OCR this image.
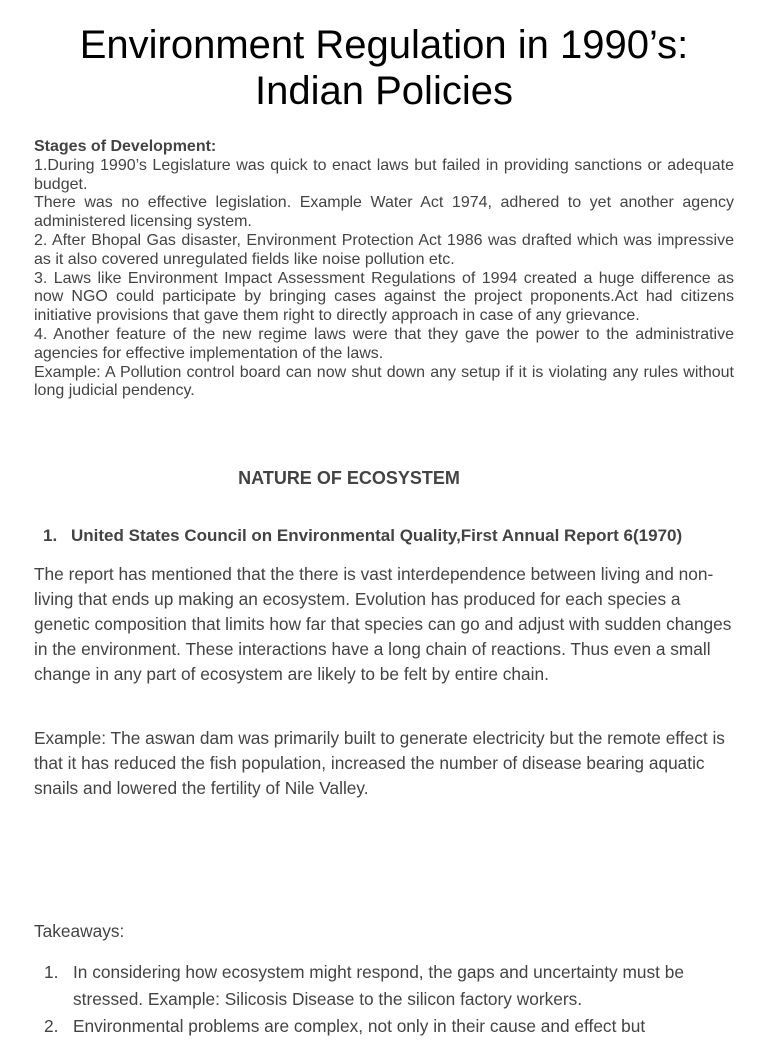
Environment Regulation in 1990’s:
Indian Policies

Stages of Development:

1.During 1990’s Legislature was quick to enact laws but failed in providing sanctions or adequate budget.

There was no effective legislation. Example Water Act 1974, adhered to yet another agency administered licensing system.

2. After Bhopal Gas disaster, Environment Protection Act 1986 was drafted which was impressive as it also covered unregulated fields like noise pollution etc.

3. Laws like Environment Impact Assessment Regulations of 1994 created a huge difference as now NGO could participate by bringing cases against the project proponents.Act had citizens initiative provisions that gave them right to directly approach in case of any grievance.

4. Another feature of the new regime laws were that they gave the power to the administrative agencies for effective implementation of the laws.

Example: A Pollution control board can now shut down any setup if it is violating any rules without long judicial pendency.

NATURE OF ECOSYSTEM
1. United States Council on Environmental Quality,First Annual Report 6(1970)

The report has mentioned that the there is vast interdependence between living and non-living that ends up making an ecosystem. Evolution has produced for each species a genetic composition that limits how far that species can go and adjust with sudden changes in the environment. These interactions have a long chain of reactions. Thus even a small change in any part of ecosystem are likely to be felt by entire chain.

Example: The aswan dam was primarily built to generate electricity but the remote effect is that it has reduced the fish population, increased the number of disease bearing aquatic snails and lowered the fertility of Nile Valley.

Takeaways:

1. In considering how ecosystem might respond, the gaps and uncertainty must be stressed. Example: Silicosis Disease to the silicon factory workers.
2. Environmental problems are complex, not only in their cause and effect but
